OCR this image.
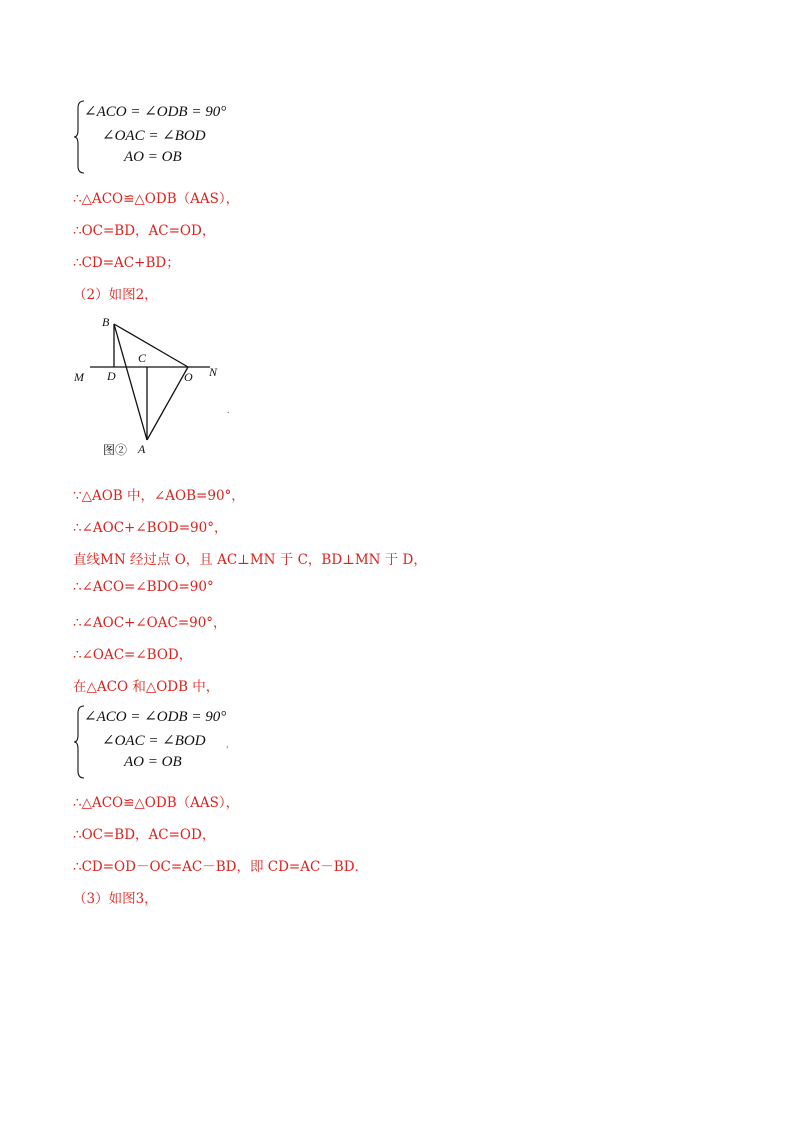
∠ACO = ∠ODB = 90°
∠OAC = ∠BOD
AO = OB
∴△ACO≌△ODB（AAS），
∴OC=BD，AC=OD，
∴CD=AC+BD；
（2）如图2，
B
C
M D	O N
A
图②
.
∵△AOB 中，∠AOB=90°，
∴∠AOC+∠BOD=90°，
直线MN 经过点 O，且 AC⊥MN 于 C，BD⊥MN 于 D，
∴∠ACO=∠BDO=90°
∴∠AOC+∠OAC=90°，
∴∠OAC=∠BOD，
在△ACO 和△ODB 中，
∠ACO = ∠ODB = 90°
∠OAC = ∠BOD
AO = OB
，
∴△ACO≌△ODB（AAS），
∴OC=BD，AC=OD，
∴CD=OD－OC=AC－BD，即 CD=AC－BD．
（3）如图3，
